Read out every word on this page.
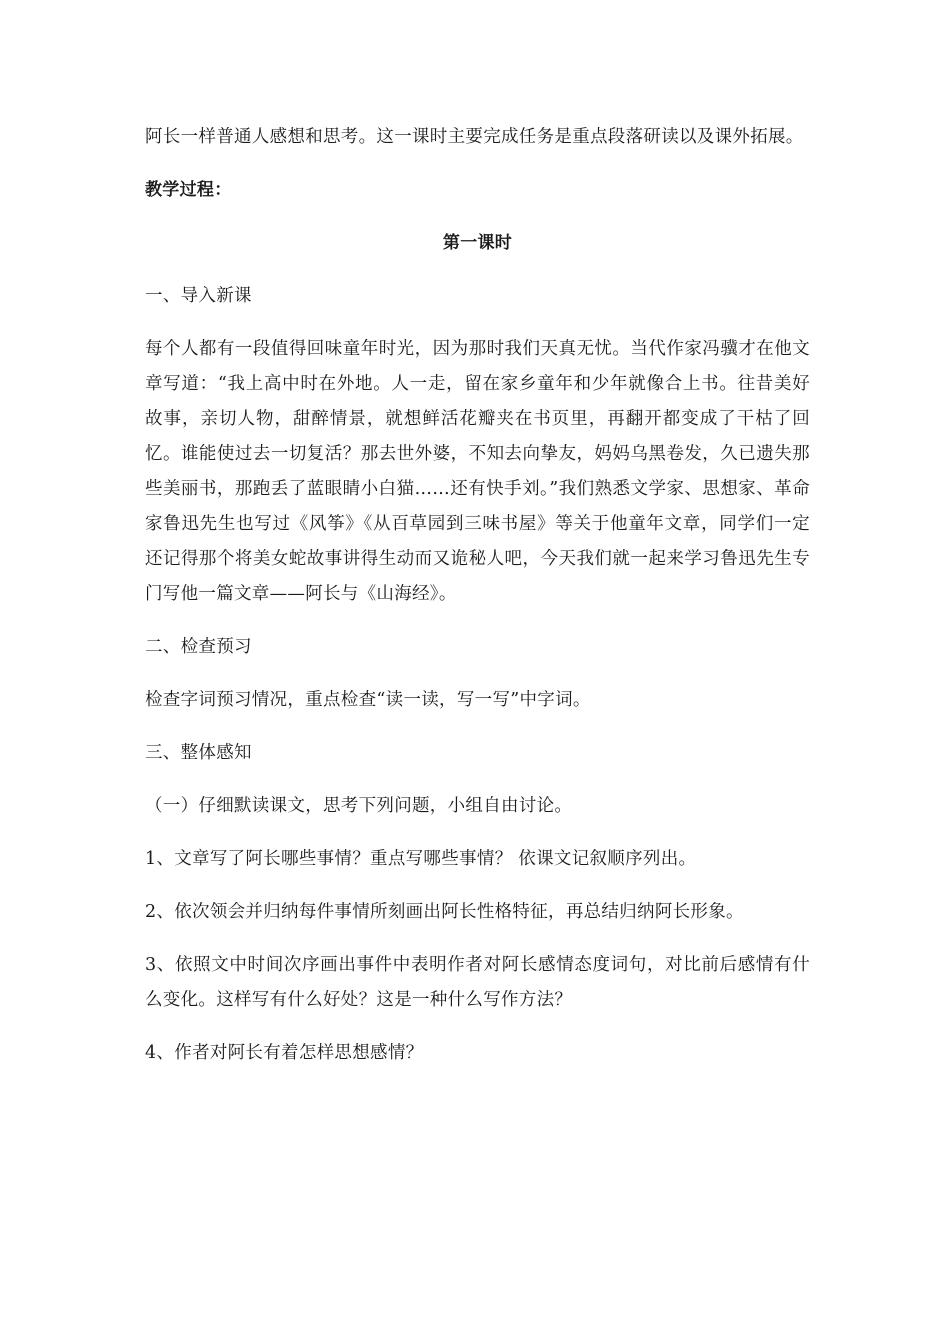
阿长一样普通人感想和思考。这一课时主要完成任务是重点段落研读以及课外拓展。

教学过程：

第一课时

一、导入新课

每个人都有一段值得回味童年时光，因为那时我们天真无忧。当代作家冯骥才在他文章写道：“我上高中时在外地。人一走，留在家乡童年和少年就像合上书。往昔美好故事，亲切人物，甜醉情景，就想鲜活花瓣夹在书页里，再翻开都变成了干枯了回忆。谁能使过去一切复活？那去世外婆，不知去向挚友，妈妈乌黑卷发，久已遗失那些美丽书，那跑丢了蓝眼睛小白猫……还有快手刘。”我们熟悉文学家、思想家、革命家鲁迅先生也写过《风筝》《从百草园到三味书屋》等关于他童年文章，同学们一定还记得那个将美女蛇故事讲得生动而又诡秘人吧，今天我们就一起来学习鲁迅先生专门写他一篇文章——阿长与《山海经》。

二、检查预习

检查字词预习情况，重点检查“读一读，写一写”中字词。

三、整体感知

（一）仔细默读课文，思考下列问题，小组自由讨论。

1、文章写了阿长哪些事情？重点写哪些事情？ 依课文记叙顺序列出。

2、依次领会并归纳每件事情所刻画出阿长性格特征，再总结归纳阿长形象。

3、依照文中时间次序画出事件中表明作者对阿长感情态度词句，对比前后感情有什么变化。这样写有什么好处？这是一种什么写作方法？

4、作者对阿长有着怎样思想感情？
